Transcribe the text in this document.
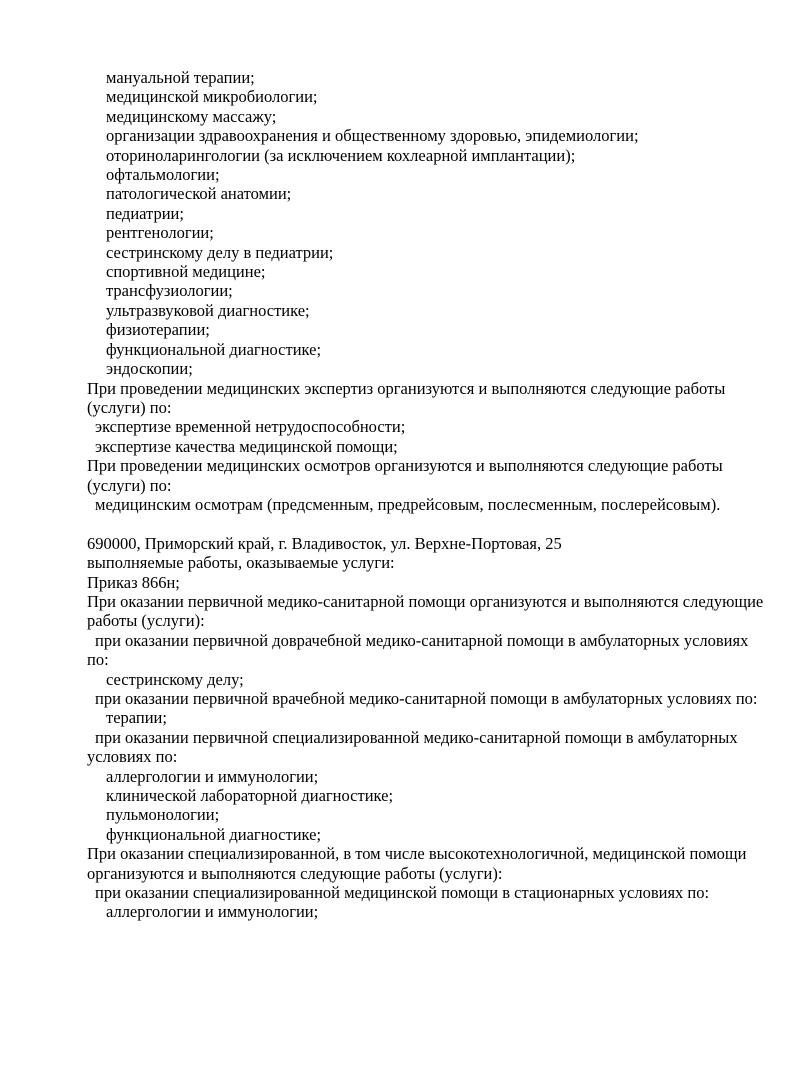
мануальной терапии;
медицинской микробиологии;
медицинскому массажу;
организации здравоохранения и общественному здоровью, эпидемиологии;
оториноларингологии (за исключением кохлеарной имплантации);
офтальмологии;
патологической анатомии;
педиатрии;
рентгенологии;
сестринскому делу в педиатрии;
спортивной медицине;
трансфузиологии;
ультразвуковой диагностике;
физиотерапии;
функциональной диагностике;
эндоскопии;
При проведении медицинских экспертиз организуются и выполняются следующие работы
(услуги) по:
экспертизе временной нетрудоспособности;
экспертизе качества медицинской помощи;
При проведении медицинских осмотров организуются и выполняются следующие работы
(услуги) по:
медицинским осмотрам (предсменным, предрейсовым, послесменным, послерейсовым).
690000, Приморский край, г. Владивосток, ул. Верхне-Портовая, 25
выполняемые работы, оказываемые услуги:
Приказ 866н;
При оказании первичной медико-санитарной помощи организуются и выполняются следующие
работы (услуги):
при оказании первичной доврачебной медико-санитарной помощи в амбулаторных условиях
по:
сестринскому делу;
при оказании первичной врачебной медико-санитарной помощи в амбулаторных условиях по:
терапии;
при оказании первичной специализированной медико-санитарной помощи в амбулаторных
условиях по:
аллергологии и иммунологии;
клинической лабораторной диагностике;
пульмонологии;
функциональной диагностике;
При оказании специализированной, в том числе высокотехнологичной, медицинской помощи
организуются и выполняются следующие работы (услуги):
при оказании специализированной медицинской помощи в стационарных условиях по:
аллергологии и иммунологии;
